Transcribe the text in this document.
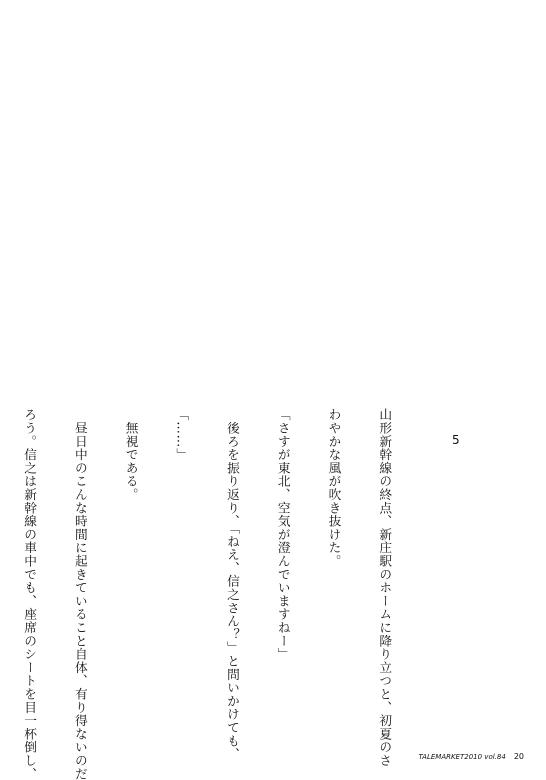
5

山形新幹線の終点、新庄駅のホームに降り立つと、初夏のさ

わやかな風が吹き抜けた。

「さすが東北、空気が澄んでいますねー」

　後ろを振り返り、「ねえ、信之さん？」と問いかけても、

「……」

　無視である。

　昼日中のこんな時間に起きていること自体、有り得ないのだ

ろう。信之は新幹線の車中でも、座席のシートを目一杯倒し、

	TALEMARKET2010 vol.84 20
